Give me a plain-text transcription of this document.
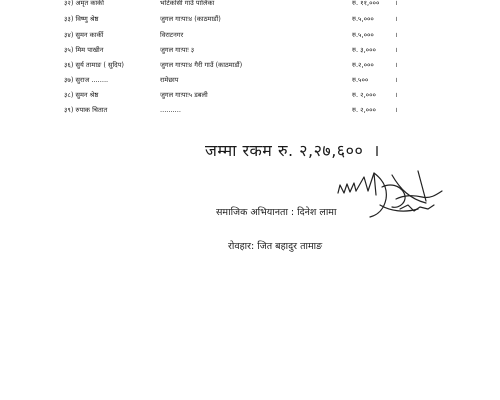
३२) अमृत कार्की	भोटेकोसी गाउँ पालिका	रु. ११,००० ।
३३) विष्णु श्रेष्ठ	जुगल गाःपाः४ (काठमाडौं)	रु.५,०००	।
३४) सुमन कार्की	विराटनगर	रु.५,०००	।
३५) मिम पाखीन	जुगल गाःपाः ३	रु. ३,०००	।
३६) सुर्य तामाङ ( सुदिप)	जुगल गाःपाः४ गैरी गाउँ (काठमाडौं)	रु.२,०००	।
३७) सुराज ........	रामेछाप	रु.५००	।
३८) सुमन श्रेष्ठ	जुगल गाःपाः५ डबली	रु. २,०००	।
३९) रुपाक चितात	..........	रु. २,०००	।
जम्मा रकम रु. २,२७,६०० ।
समाजिक अभियानता : दिनेश लामा
रोवहार: जित बहादुर तामाङ
